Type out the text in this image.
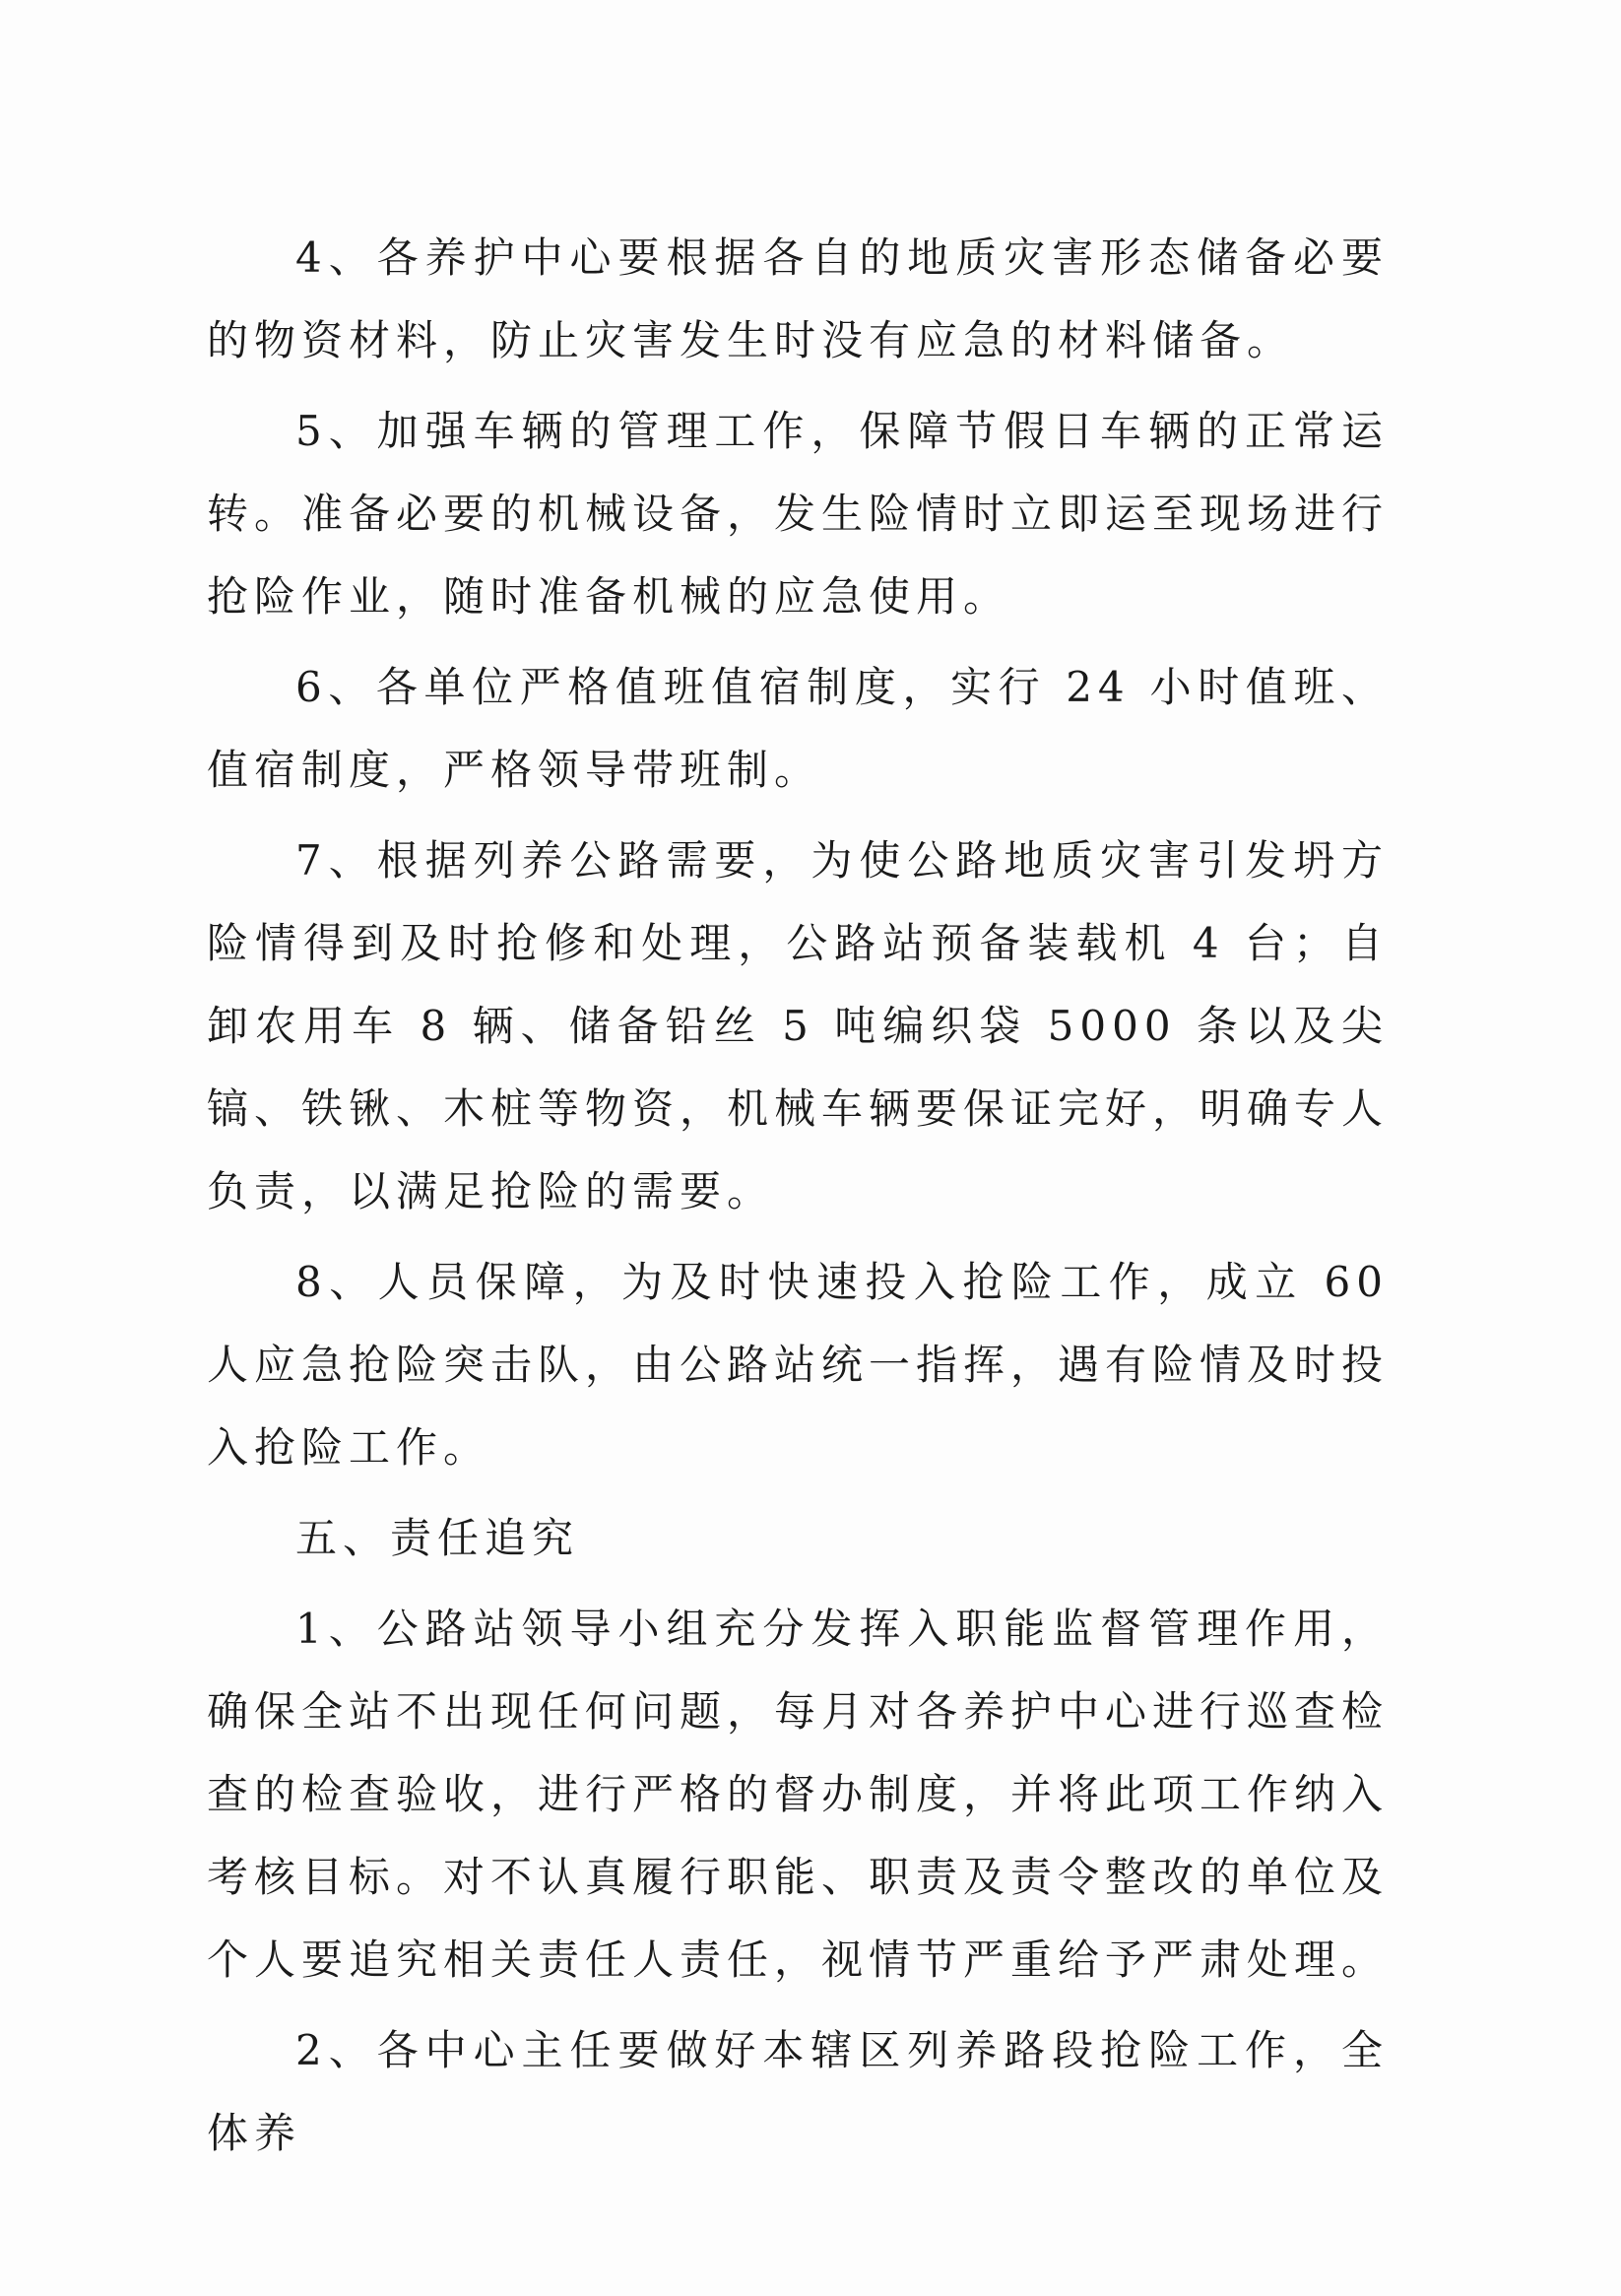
4、各养护中心要根据各自的地质灾害形态储备必要的物资材料，防止灾害发生时没有应急的材料储备。

5、加强车辆的管理工作，保障节假日车辆的正常运转。准备必要的机械设备，发生险情时立即运至现场进行抢险作业，随时准备机械的应急使用。

6、各单位严格值班值宿制度，实行 24 小时值班、值宿制度，严格领导带班制。

7、根据列养公路需要，为使公路地质灾害引发坍方险情得到及时抢修和处理，公路站预备装载机 4 台；自卸农用车 8 辆、储备铅丝 5 吨编织袋 5000 条以及尖镐、铁锹、木桩等物资，机械车辆要保证完好，明确专人负责，以满足抢险的需要。

8、人员保障，为及时快速投入抢险工作，成立 60 人应急抢险突击队，由公路站统一指挥，遇有险情及时投入抢险工作。

五、责任追究

1、公路站领导小组充分发挥入职能监督管理作用，确保全站不出现任何问题，每月对各养护中心进行巡查检查的检查验收，进行严格的督办制度，并将此项工作纳入考核目标。对不认真履行职能、职责及责令整改的单位及个人要追究相关责任人责任，视情节严重给予严肃处理。

2、各中心主任要做好本辖区列养路段抢险工作，全体养
